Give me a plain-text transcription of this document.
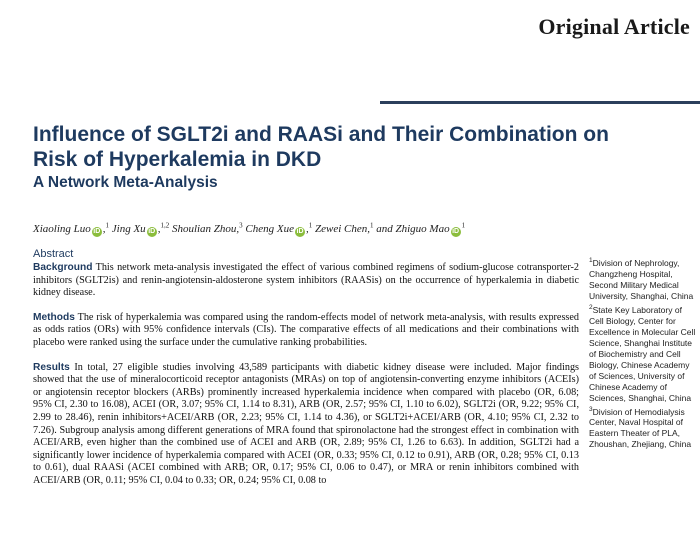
Original Article
Influence of SGLT2i and RAASi and Their Combination on Risk of Hyperkalemia in DKD
A Network Meta-Analysis
Xiaoling Luo iD ,$^1$ Jing Xu iD ,$^{1,2}$ Shoulian Zhou,$^3$ Cheng Xue iD ,$^1$ Zewei Chen,$^1$ and Zhiguo Mao $iD^1$
Abstract

Background This network meta-analysis investigated the effect of various combined regimens of sodium-glucose cotransporter-2 inhibitors (SGLT2is) and renin-angiotensin-aldosterone system inhibitors (RAASis) on the occurrence of hyperkalemia in diabetic kidney disease.

Methods The risk of hyperkalemia was compared using the random-effects model of network meta-analysis, with results expressed as odds ratios (ORs) with 95% confidence intervals (CIs). The comparative effects of all medications and their combinations with placebo were ranked using the surface under the cumulative ranking probabilities.

Results In total, 27 eligible studies involving 43,589 participants with diabetic kidney disease were included. Major findings showed that the use of mineralocorticoid receptor antagonists (MRAs) on top of angiotensin-converting enzyme inhibitors (ACEIs) or angiotensin receptor blockers (ARBs) prominently increased hyperkalemia incidence when compared with placebo (OR, 6.08; 95% CI, 2.30 to 16.08), ACEI (OR, 3.07; 95% CI, 1.14 to 8.31), ARB (OR, 2.57; 95% CI, 1.10 to 6.02), SGLT2i (OR, 9.22; 95% CI, 2.99 to 28.46), renin inhibitors+ACEI/ARB (OR, 2.23; 95% CI, 1.14 to 4.36), or SGLT2i+ACEI/ARB (OR, 4.10; 95% CI, 2.32 to 7.26). Subgroup analysis among different generations of MRA found that spironolactone had the strongest effect in combination with ACEI/ARB, even higher than the combined use of ACEI and ARB (OR, 2.89; 95% CI, 1.26 to 6.63). In addition, SGLT2i had a significantly lower incidence of hyperkalemia compared with ACEI (OR, 0.33; 95% CI, 0.12 to 0.91), ARB (OR, 0.28; 95% CI, 0.13 to 0.61), dual RAASi (ACEI combined with ARB; OR, 0.17; 95% CI, 0.06 to 0.47), or MRA or renin inhibitors combined with ACEI/ARB (OR, 0.11; 95% CI, 0.04 to 0.33; OR, 0.24; 95% CI, 0.08 to

$^1$Division of Nephrology, Changzheng Hospital, Second Military Medical University, Shanghai, China
$^2$State Key Laboratory of Cell Biology, Center for Excellence in Molecular Cell Science, Shanghai Institute of Biochemistry and Cell Biology, Chinese Academy of Sciences, University of Chinese Academy of Sciences, Shanghai, China
$^3$Division of Hemodialysis Center, Naval Hospital of Eastern Theater of PLA, Zhoushan, Zhejiang, China
